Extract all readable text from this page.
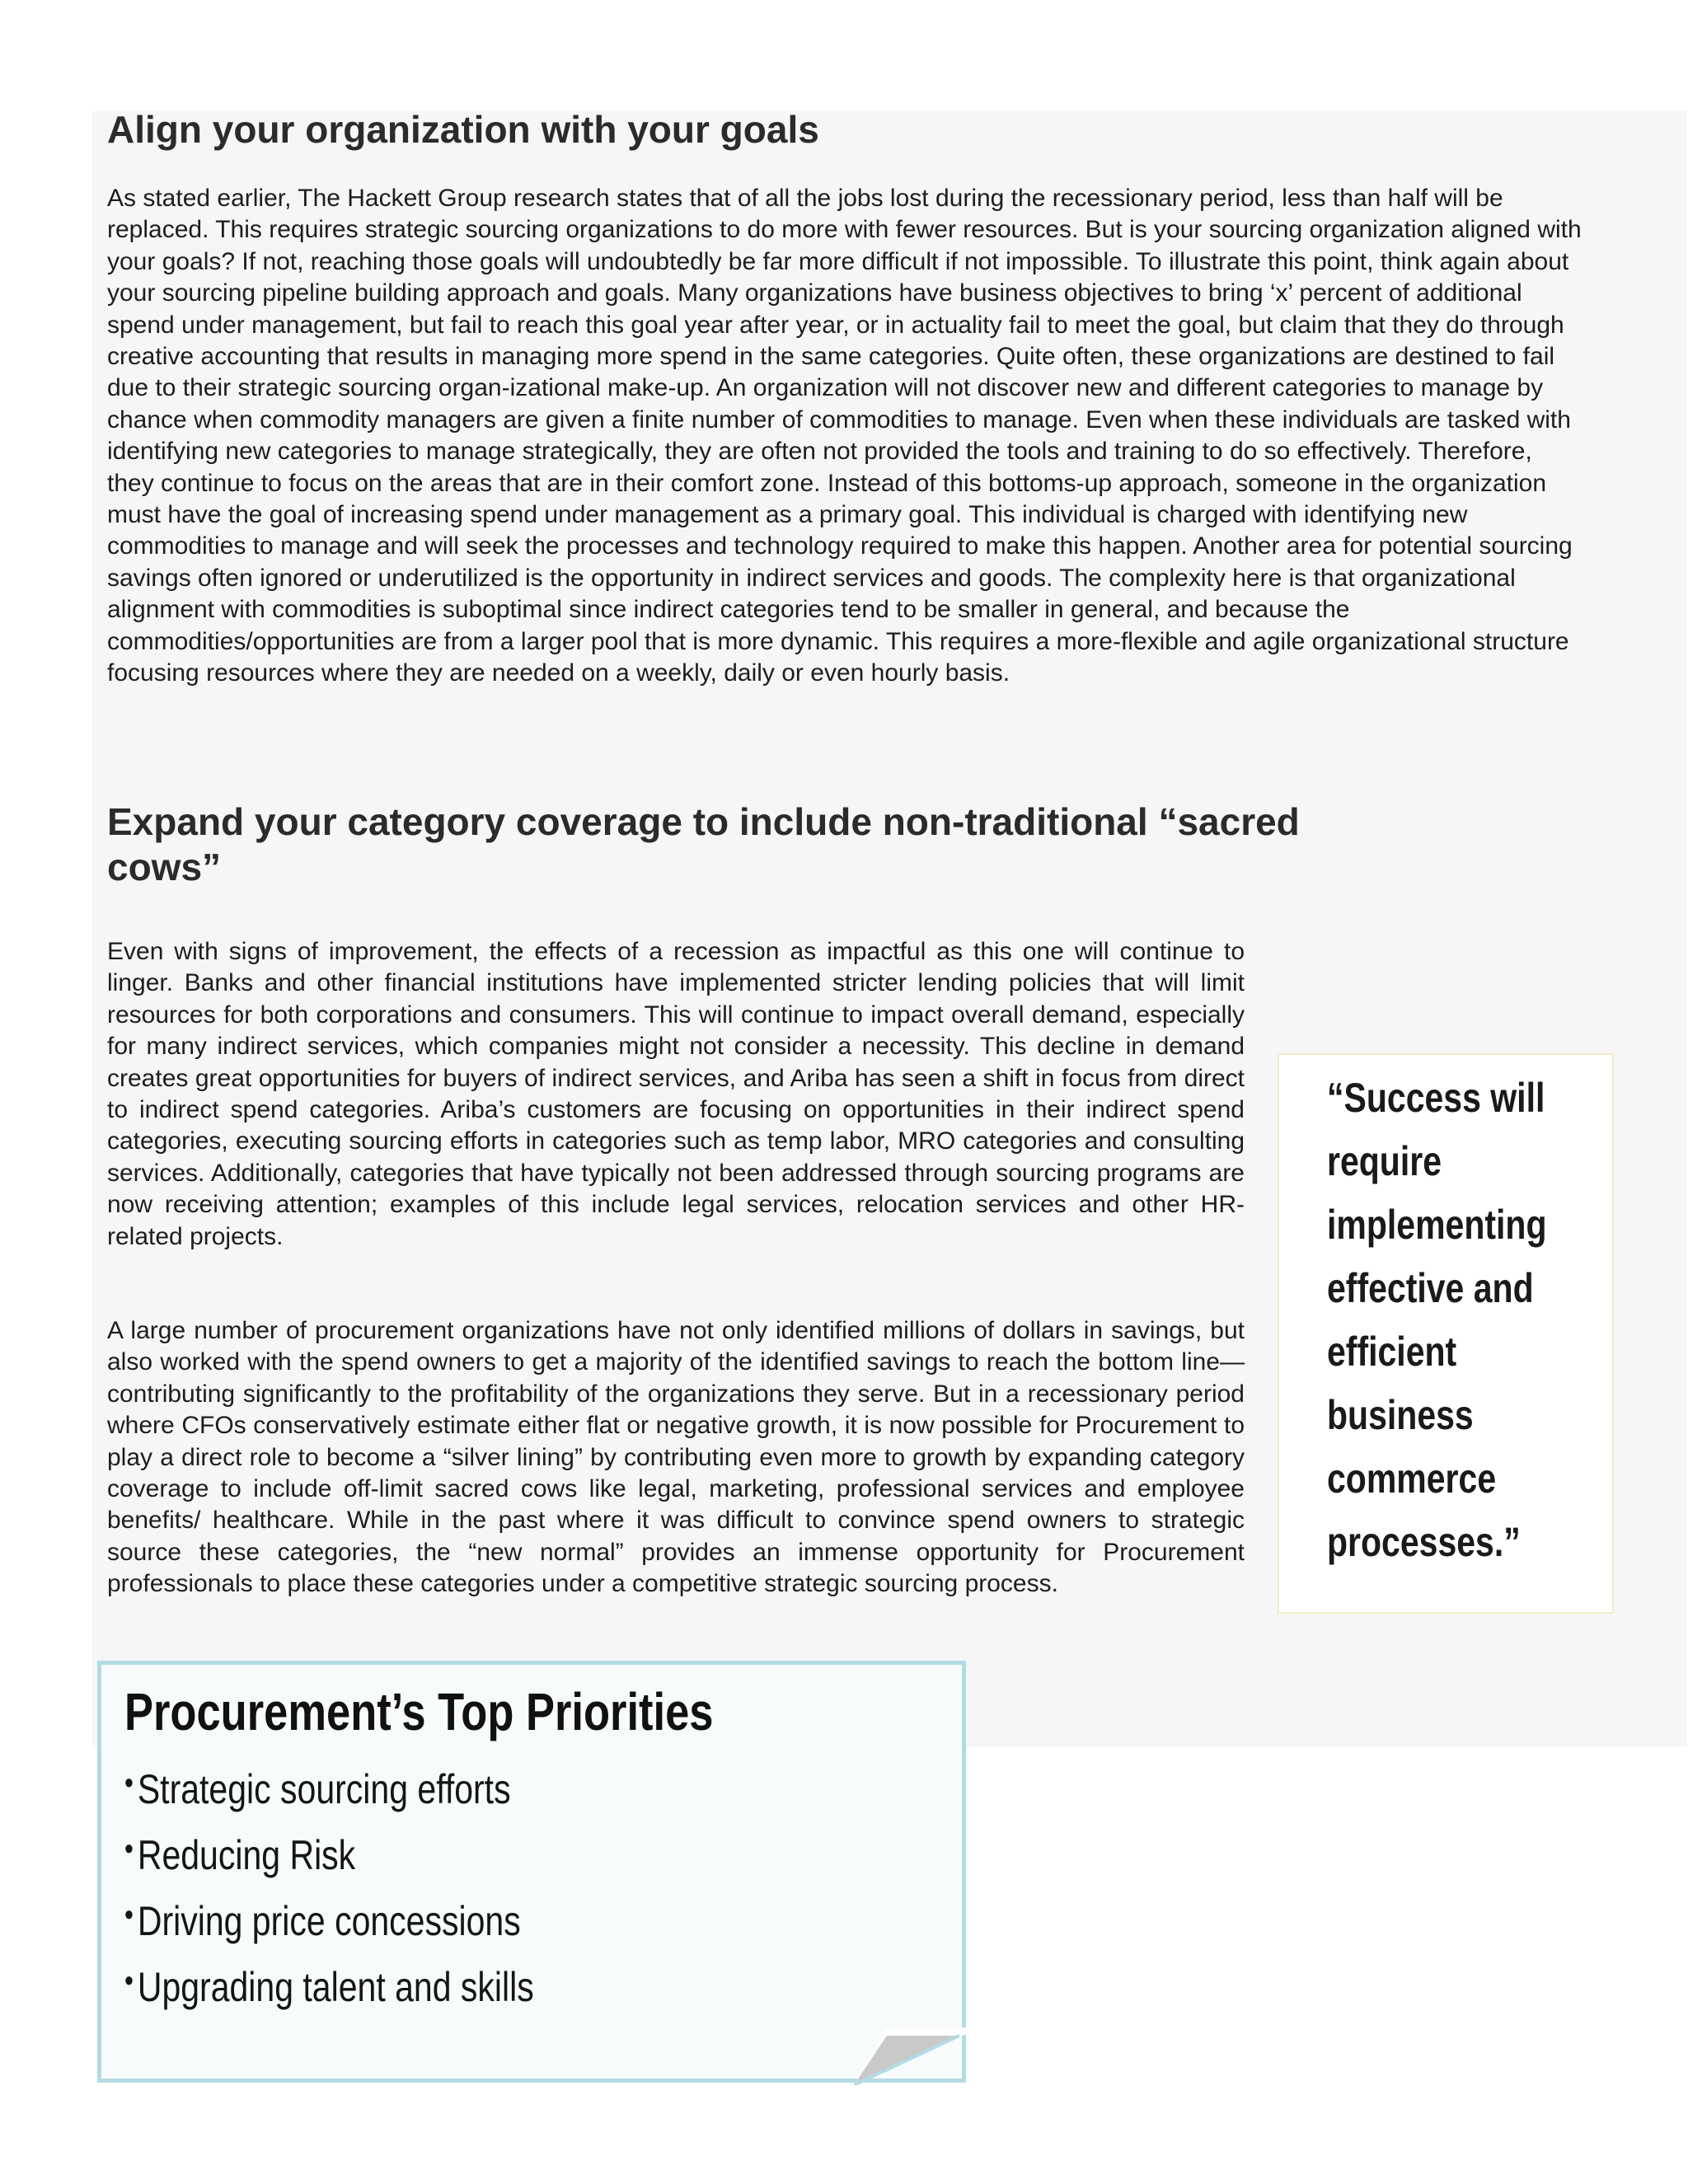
Align your organization with your goals

As stated earlier, The Hackett Group research states that of all the jobs lost during the recessionary period, less than half will be replaced. This requires strategic sourcing organizations to do more with fewer resources. But is your sourcing organization aligned with your goals? If not, reaching those goals will undoubtedly be far more difficult if not impossible. To illustrate this point, think again about your sourcing pipeline building approach and goals. Many organizations have business objectives to bring ‘x’ percent of additional spend under management, but fail to reach this goal year after year, or in actuality fail to meet the goal, but claim that they do through creative accounting that results in managing more spend in the same categories. Quite often, these organizations are destined to fail due to their strategic sourcing organ-izational make-up. An organization will not discover new and different categories to manage by chance when commodity managers are given a finite number of commodities to manage. Even when these individuals are tasked with identifying new categories to manage strategically, they are often not provided the tools and training to do so effectively. Therefore, they continue to focus on the areas that are in their comfort zone. Instead of this bottoms-up approach, someone in the organization must have the goal of increasing spend under management as a primary goal. This individual is charged with identifying new commodities to manage and will seek the processes and technology required to make this happen. Another area for potential sourcing savings often ignored or underutilized is the opportunity in indirect services and goods. The complexity here is that organizational alignment with commodities is suboptimal since indirect categories tend to be smaller in general, and because the commodities/opportunities are from a larger pool that is more dynamic. This requires a more-flexible and agile organizational structure focusing resources where they are needed on a weekly, daily or even hourly basis.

Expand your category coverage to include non-traditional “sacred cows”

Even with signs of improvement, the effects of a recession as impactful as this one will continue to linger. Banks and other financial institutions have implemented stricter lending policies that will limit resources for both corporations and consumers. This will continue to impact overall demand, especially for many indirect services, which companies might not consider a necessity. This decline in demand creates great opportunities for buyers of indirect services, and Ariba has seen a shift in focus from direct to indirect spend categories. Ariba’s customers are focusing on opportunities in their indirect spend categories, executing sourcing efforts in categories such as temp labor, MRO categories and consulting services. Additionally, categories that have typically not been addressed through sourcing programs are now receiving attention; examples of this include legal services, relocation services and other HR-related projects.

A large number of procurement organizations have not only identified millions of dollars in savings, but also worked with the spend owners to get a majority of the identified savings to reach the bottom line—contributing significantly to the profitability of the organizations they serve. But in a recessionary period where CFOs conservatively estimate either flat or negative growth, it is now possible for Procurement to play a direct role to become a “silver lining” by contributing even more to growth by expanding category coverage to include off-limit sacred cows like legal, marketing, professional services and employee benefits/ healthcare. While in the past where it was difficult to convince spend owners to strategic source these categories, the “new normal” provides an immense opportunity for Procurement professionals to place these categories under a competitive strategic sourcing process.

“Success will require implementing effective and efficient business commerce processes.”

Procurement’s Top Priorities
•Strategic sourcing efforts
•Reducing Risk
•Driving price concessions
•Upgrading talent and skills
